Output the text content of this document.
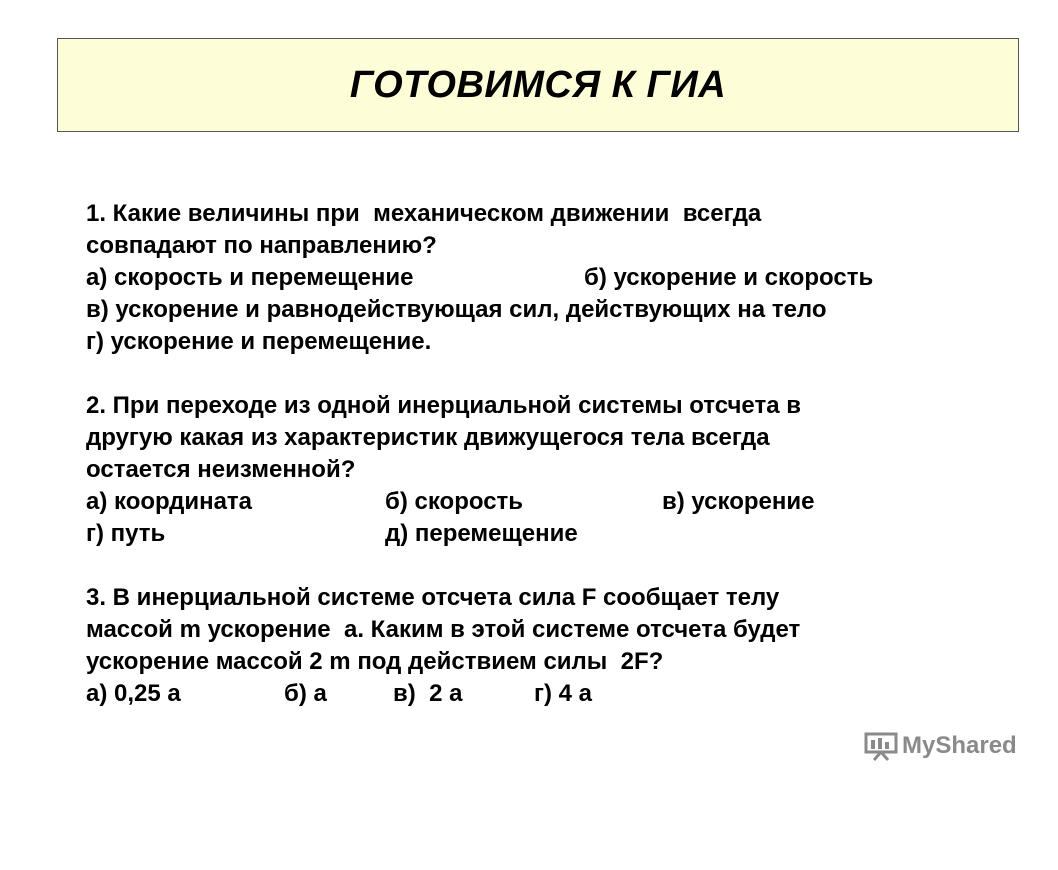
ГОТОВИМСЯ К ГИА
1. Какие величины при  механическом движении  всегда
совпадают по направлению?

а) скорость и перемещение

	б) ускорение и скорость

в) ускорение и равнодействующая сил, действующих на тело
г) ускорение и перемещение.
2. При переходе из одной инерциальной системы отсчета в
другую какая из характеристик движущегося тела всегда
остается неизменной?

а) координата

	б) скорость

	в) ускорение

г) путь

	д) перемещение

3. В инерциальной системе отсчета сила F сообщает телу
массой m ускорение  a. Каким в этой системе отсчета будет
ускорение массой 2 m под действием силы  2F?

а) 0,25 a

	б) a

	в)  2 a

	г) 4 a

MyShared
